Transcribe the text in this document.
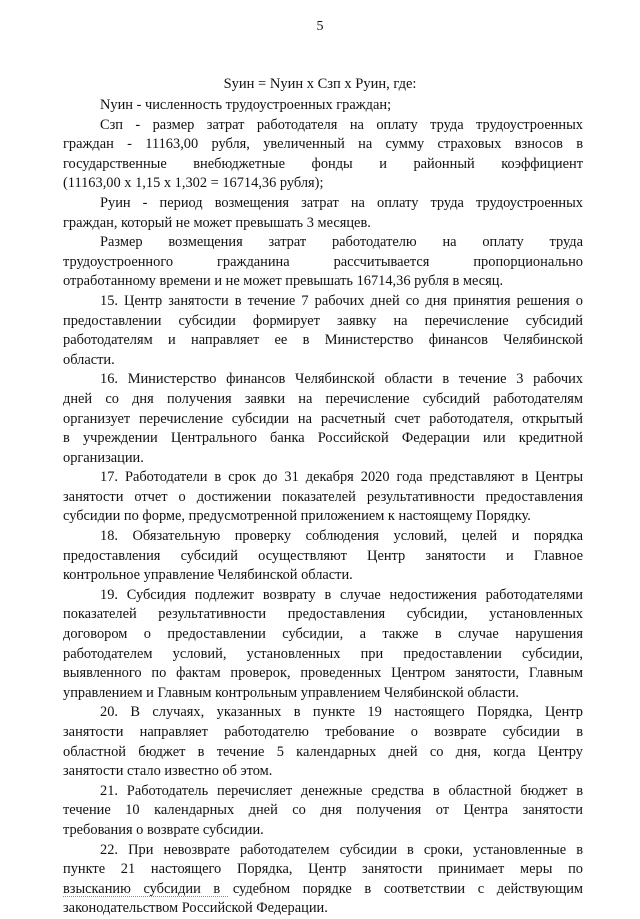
5
Sуин = Nуин x Сзп x Руин, где:
Nуин - численность трудоустроенных граждан;
Сзп - размер затрат работодателя на оплату труда трудоустроенных
граждан - 11163,00 рубля, увеличенный на сумму страховых взносов в
государственные внебюджетные фонды и районный коэффициент
(11163,00 x 1,15 x 1,302 = 16714,36 рубля);
Руин - период возмещения затрат на оплату труда трудоустроенных
граждан, который не может превышать 3 месяцев.
Размер возмещения затрат работодателю на оплату труда
трудоустроенного гражданина рассчитывается пропорционально
отработанному времени и не может превышать 16714,36 рубля в месяц.
15. Центр занятости в течение 7 рабочих дней со дня принятия решения о
предоставлении субсидии формирует заявку на перечисление субсидий
работодателям и направляет ее в Министерство финансов Челябинской
области.
16. Министерство финансов Челябинской области в течение 3 рабочих
дней со дня получения заявки на перечисление субсидий работодателям
организует перечисление субсидии на расчетный счет работодателя, открытый
в учреждении Центрального банка Российской Федерации или кредитной
организации.
17. Работодатели в срок до 31 декабря 2020 года представляют в Центры
занятости отчет о достижении показателей результативности предоставления
субсидии по форме, предусмотренной приложением к настоящему Порядку.
18. Обязательную проверку соблюдения условий, целей и порядка
предоставления субсидий осуществляют Центр занятости и Главное
контрольное управление Челябинской области.
19. Субсидия подлежит возврату в случае недостижения работодателями
показателей результативности предоставления субсидии, установленных
договором о предоставлении субсидии, а также в случае нарушения
работодателем условий, установленных при предоставлении субсидии,
выявленного по фактам проверок, проведенных Центром занятости, Главным
управлением и Главным контрольным управлением Челябинской области.
20. В случаях, указанных в пункте 19 настоящего Порядка, Центр
занятости направляет работодателю требование о возврате субсидии в
областной бюджет в течение 5 календарных дней со дня, когда Центру
занятости стало известно об этом.
21. Работодатель перечисляет денежные средства в областной бюджет в
течение 10 календарных дней со дня получения от Центра занятости
требования о возврате субсидии.
22. При невозврате работодателем субсидии в сроки, установленные в
пункте 21 настоящего Порядка, Центр занятости принимает меры по
взысканию субсидии в судебном порядке в соответствии с действующим
законодательством Российской Федерации.
